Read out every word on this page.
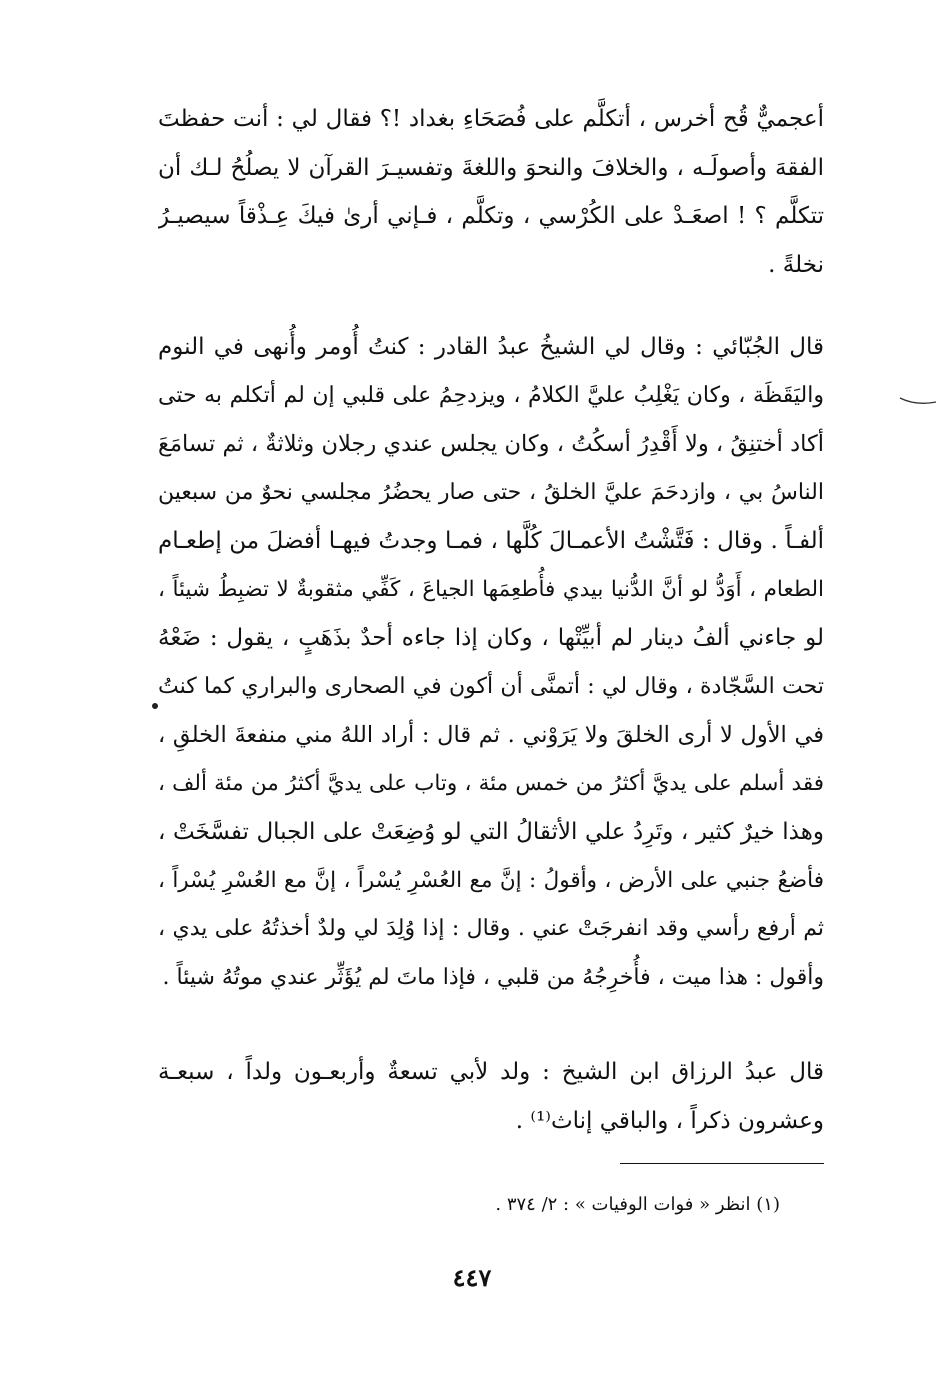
أعجميٌّ قُح أخرس ، أتكلَّم على فُصَحَاءِ بغداد !؟ فقال لي : أنت حفظتَ
الفقهَ وأصولَـه ، والخلافَ والنحوَ واللغةَ وتفسيـرَ القرآن لا يصلُحُ لـك أن
تتكلَّم ؟ ! اصعَـدْ على الكُرْسي ، وتكلَّم ، فـإني أرىٰ فيكَ عِـذْقاً سيصيـرُ
نخلةً .
قال الجُبّائي : وقال لي الشيخُ عبدُ القادر : كنتُ أُومر وأُنهى في النوم
واليَقَظَة ، وكان يَغْلِبُ عليَّ الكلامُ ، ويزدحِمُ على قلبي إن لم أتكلم به حتى
أكاد أختنِقُ ، ولا أَقْدِرُ أسكُتُ ، وكان يجلس عندي رجلان وثلاثةٌ ، ثم تسامَعَ
الناسُ بي ، وازدحَمَ عليَّ الخلقُ ، حتى صار يحضُرُ مجلسي نحوٌ من سبعين
ألفـاً . وقال : فَتَّشْتُ الأعمـالَ كُلَّها ، فمـا وجدتُ فيهـا أفضلَ من إطعـام
الطعام ، أَوَدُّ لو أنَّ الدُّنيا بيدي فأُطعِمَها الجياعَ ، كَفِّي مثقوبةٌ لا تضبِطُ شيئاً ،
لو جاءني ألفُ دينار لم أبيِّتْها ، وكان إذا جاءه أحدٌ بذَهَبٍ ، يقول : ضَعْهُ
تحت السَّجّادة ، وقال لي : أتمنَّى أن أكون في الصحارى والبراري كما كنتُ
في الأول لا أرى الخلقَ ولا يَرَوْني . ثم قال : أراد اللهُ مني منفعةَ الخلقِ ،
فقد أسلم على يديَّ أكثرُ من خمس مئة ، وتاب على يديَّ أكثرُ من مئة ألف ،
وهذا خيرٌ كثير ، وتَرِدُ علي الأثقالُ التي لو وُضِعَتْ على الجبال تفسَّخَتْ ،
فأضعُ جنبي على الأرض ، وأقولُ : إنَّ مع العُسْرِ يُسْراً ، إنَّ مع العُسْرِ يُسْراً ،
ثم أرفع رأسي وقد انفرجَتْ عني . وقال : إذا وُلِدَ لي ولدٌ أخذتُهُ على يدي ،
وأقول : هذا ميت ، فأُخرِجُهُ من قلبي ، فإذا ماتَ لم يُؤَثِّر عندي موتُهُ شيئاً .
قال عبدُ الرزاق ابن الشيخ : ولد لأبي تسعةٌ وأربعـون ولداً ، سبعـة
وعشرون ذكراً ، والباقي إناث⁽¹⁾ .
(١) انظر « فوات الوفيات » : ٢/ ٣٧٤ .
٤٤٧
